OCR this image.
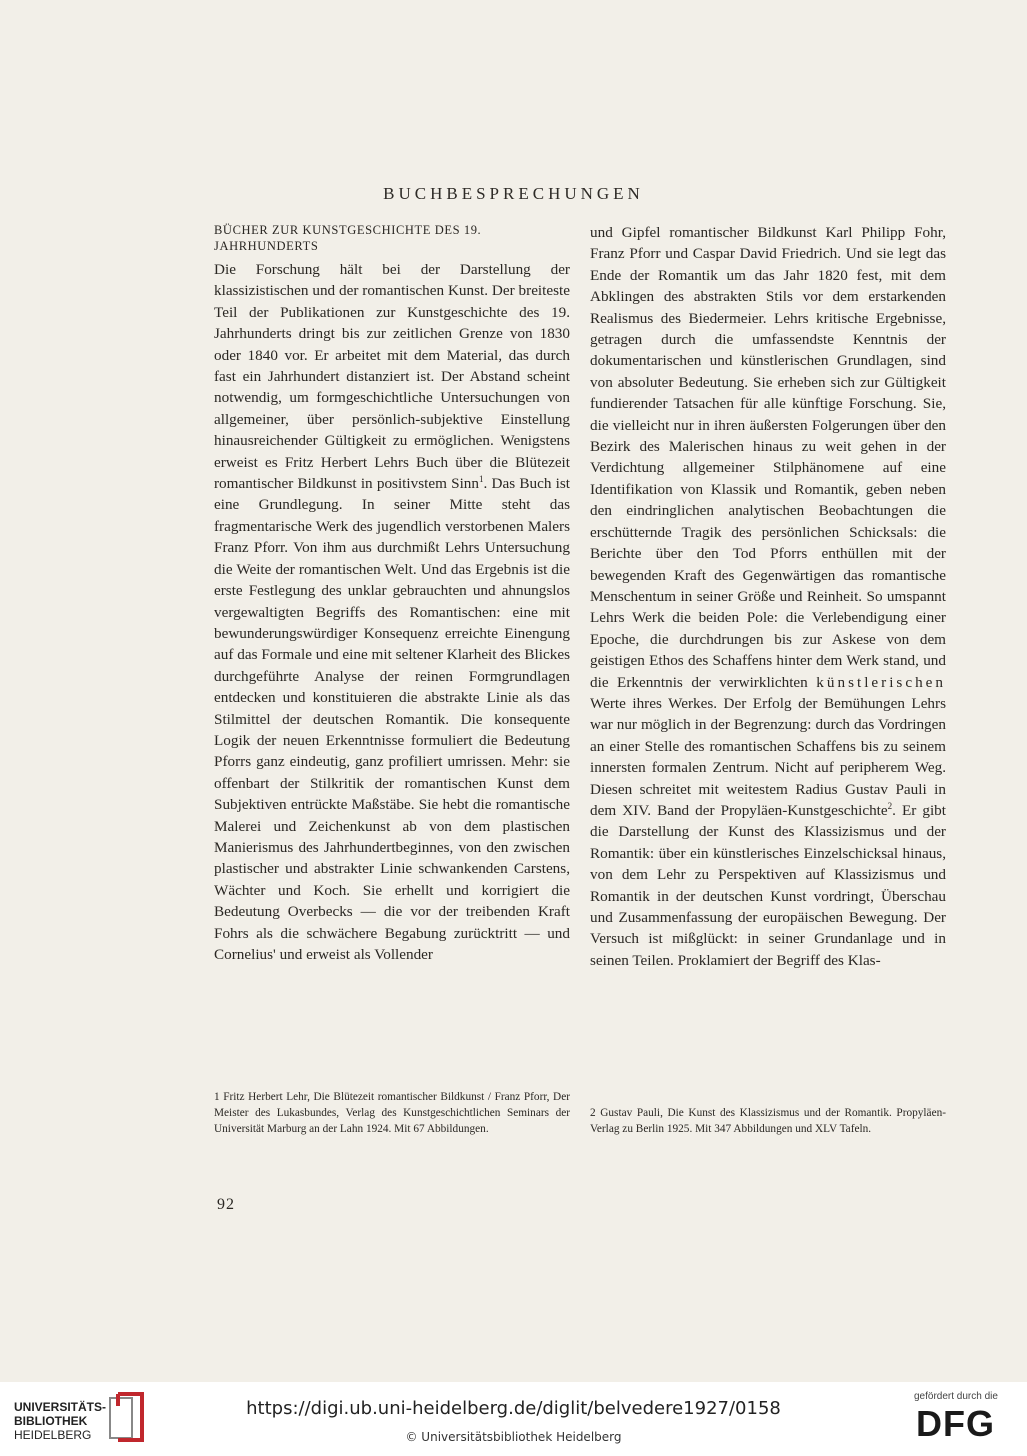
BUCHBESPRECHUNGEN
BÜCHER ZUR KUNSTGESCHICHTE DES 19. JAHRHUNDERTS

Die Forschung hält bei der Darstellung der klassizistischen und der romantischen Kunst. Der breiteste Teil der Publikationen zur Kunstgeschichte des 19. Jahrhunderts dringt bis zur zeitlichen Grenze von 1830 oder 1840 vor. Er arbeitet mit dem Material, das durch fast ein Jahrhundert distanziert ist. Der Abstand scheint notwendig, um formgeschichtliche Untersuchungen von allgemeiner, über persönlich-subjektive Einstellung hinausreichender Gültigkeit zu ermöglichen. Wenigstens erweist es Fritz Herbert Lehrs Buch über die Blütezeit romantischer Bildkunst in positivstem Sinn$^1$. Das Buch ist eine Grundlegung. In seiner Mitte steht das fragmentarische Werk des jugendlich verstorbenen Malers Franz Pforr. Von ihm aus durchmißt Lehrs Untersuchung die Weite der romantischen Welt. Und das Ergebnis ist die erste Festlegung des unklar gebrauchten und ahnungslos vergewaltigten Begriffs des Romantischen: eine mit bewunderungswürdiger Konsequenz erreichte Einengung auf das Formale und eine mit seltener Klarheit des Blickes durchgeführte Analyse der reinen Formgrundlagen entdecken und konstituieren die abstrakte Linie als das Stilmittel der deutschen Romantik. Die konsequente Logik der neuen Erkenntnisse formuliert die Bedeutung Pforrs ganz eindeutig, ganz profiliert umrissen. Mehr: sie offenbart der Stilkritik der romantischen Kunst dem Subjektiven entrückte Maßstäbe. Sie hebt die romantische Malerei und Zeichenkunst ab von dem plastischen Manierismus des Jahrhundertbeginnes, von den zwischen plastischer und abstrakter Linie schwankenden Carstens, Wächter und Koch. Sie erhellt und korrigiert die Bedeutung Overbecks — die vor der treibenden Kraft Fohrs als die schwächere Begabung zurücktritt — und Cornelius' und erweist als Vollender

und Gipfel romantischer Bildkunst Karl Philipp Fohr, Franz Pforr und Caspar David Friedrich. Und sie legt das Ende der Romantik um das Jahr 1820 fest, mit dem Abklingen des abstrakten Stils vor dem erstarkenden Realismus des Biedermeier. Lehrs kritische Ergebnisse, getragen durch die umfassendste Kenntnis der dokumentarischen und künstlerischen Grundlagen, sind von absoluter Bedeutung. Sie erheben sich zur Gültigkeit fundierender Tatsachen für alle künftige Forschung. Sie, die vielleicht nur in ihren äußersten Folgerungen über den Bezirk des Malerischen hinaus zu weit gehen in der Verdichtung allgemeiner Stilphänomene auf eine Identifikation von Klassik und Romantik, geben neben den eindringlichen analytischen Beobachtungen die erschütternde Tragik des persönlichen Schicksals: die Berichte über den Tod Pforrs enthüllen mit der bewegenden Kraft des Gegenwärtigen das romantische Menschentum in seiner Größe und Reinheit. So umspannt Lehrs Werk die beiden Pole: die Verlebendigung einer Epoche, die durchdrungen bis zur Askese von dem geistigen Ethos des Schaffens hinter dem Werk stand, und die Erkenntnis der verwirklichten künstlerischen Werte ihres Werkes. Der Erfolg der Bemühungen Lehrs war nur möglich in der Begrenzung: durch das Vordringen an einer Stelle des romantischen Schaffens bis zu seinem innersten formalen Zentrum. Nicht auf peripherem Weg. Diesen schreitet mit weitestem Radius Gustav Pauli in dem XIV. Band der Propyläen-Kunstgeschichte$^2$. Er gibt die Darstellung der Kunst des Klassizismus und der Romantik: über ein künstlerisches Einzelschicksal hinaus, von dem Lehr zu Perspektiven auf Klassizismus und Romantik in der deutschen Kunst vordringt, Überschau und Zusammenfassung der europäischen Bewegung. Der Versuch ist mißglückt: in seiner Grundanlage und in seinen Teilen. Proklamiert der Begriff des Klas-

1 Fritz Herbert Lehr, Die Blütezeit romantischer Bildkunst / Franz Pforr, Der Meister des Lukasbundes, Verlag des Kunstgeschichtlichen Seminars der Universität Marburg an der Lahn 1924. Mit 67 Abbildungen.
2 Gustav Pauli, Die Kunst des Klassizismus und der Romantik. Propyläen-Verlag zu Berlin 1925. Mit 347 Abbildungen und XLV Tafeln.
92
UNIVERSITÄTS-
BIBLIOTHEK
HEIDELBERG
https://digi.ub.uni-heidelberg.de/diglit/belvedere1927/0158
© Universitätsbibliothek Heidelberg
gefördert durch die
DFG
